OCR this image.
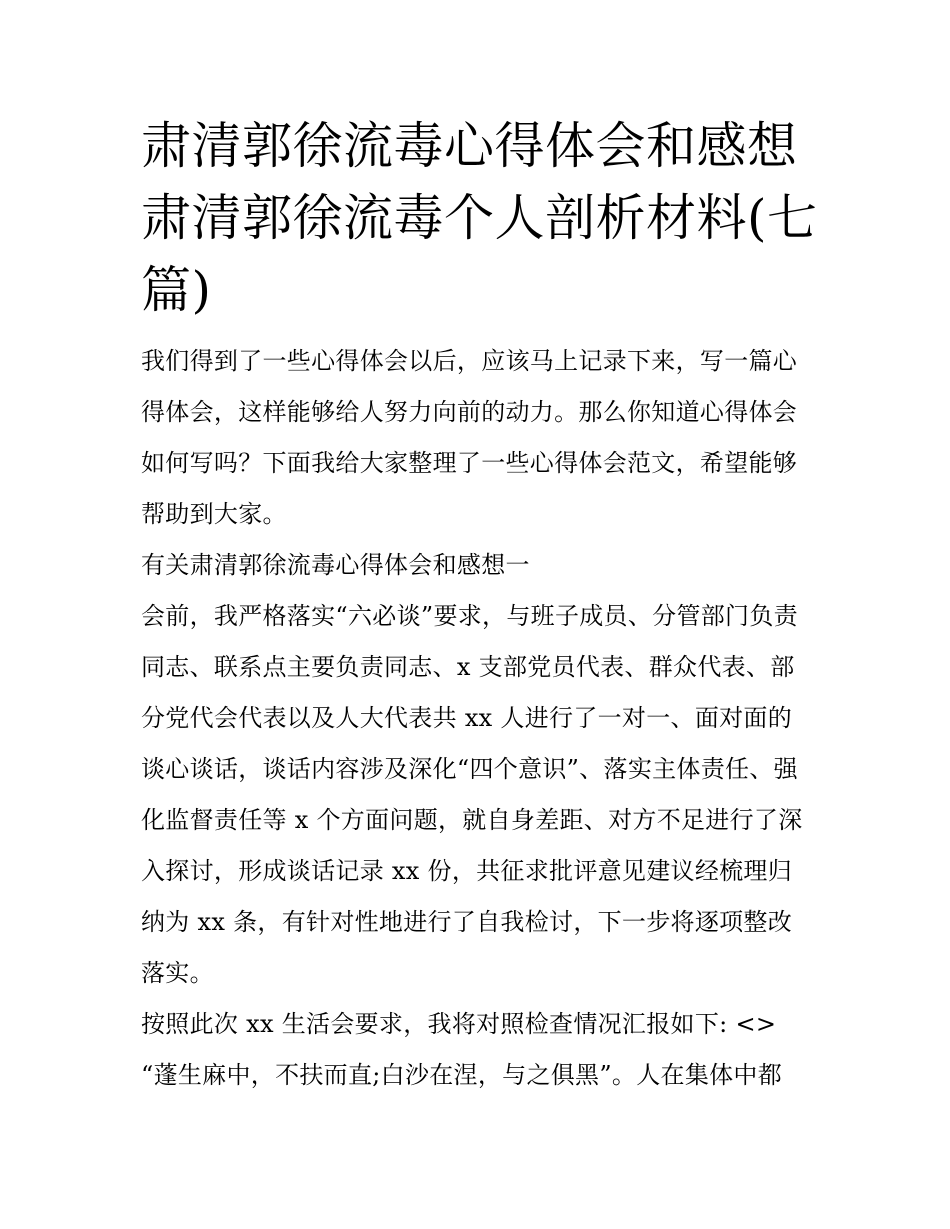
肃清郭徐流毒心得体会和感想
肃清郭徐流毒个人剖析材料(七
篇)

我们得到了一些心得体会以后，应该马上记录下来，写一篇心
得体会，这样能够给人努力向前的动力。那么你知道心得体会
如何写吗？下面我给大家整理了一些心得体会范文，希望能够
帮助到大家。

有关肃清郭徐流毒心得体会和感想一

会前，我严格落实“六必谈”要求，与班子成员、分管部门负责
同志、联系点主要负责同志、x 支部党员代表、群众代表、部
分党代会代表以及人大代表共 xx 人进行了一对一、面对面的
谈心谈话，谈话内容涉及深化“四个意识”、落实主体责任、强
化监督责任等 x 个方面问题，就自身差距、对方不足进行了深
入探讨，形成谈话记录 xx 份，共征求批评意见建议经梳理归
纳为 xx 条，有针对性地进行了自我检讨，下一步将逐项整改
落实。

按照此次 xx 生活会要求，我将对照检查情况汇报如下: <>

“蓬生麻中，不扶而直;白沙在涅，与之俱黑”。人在集体中都
